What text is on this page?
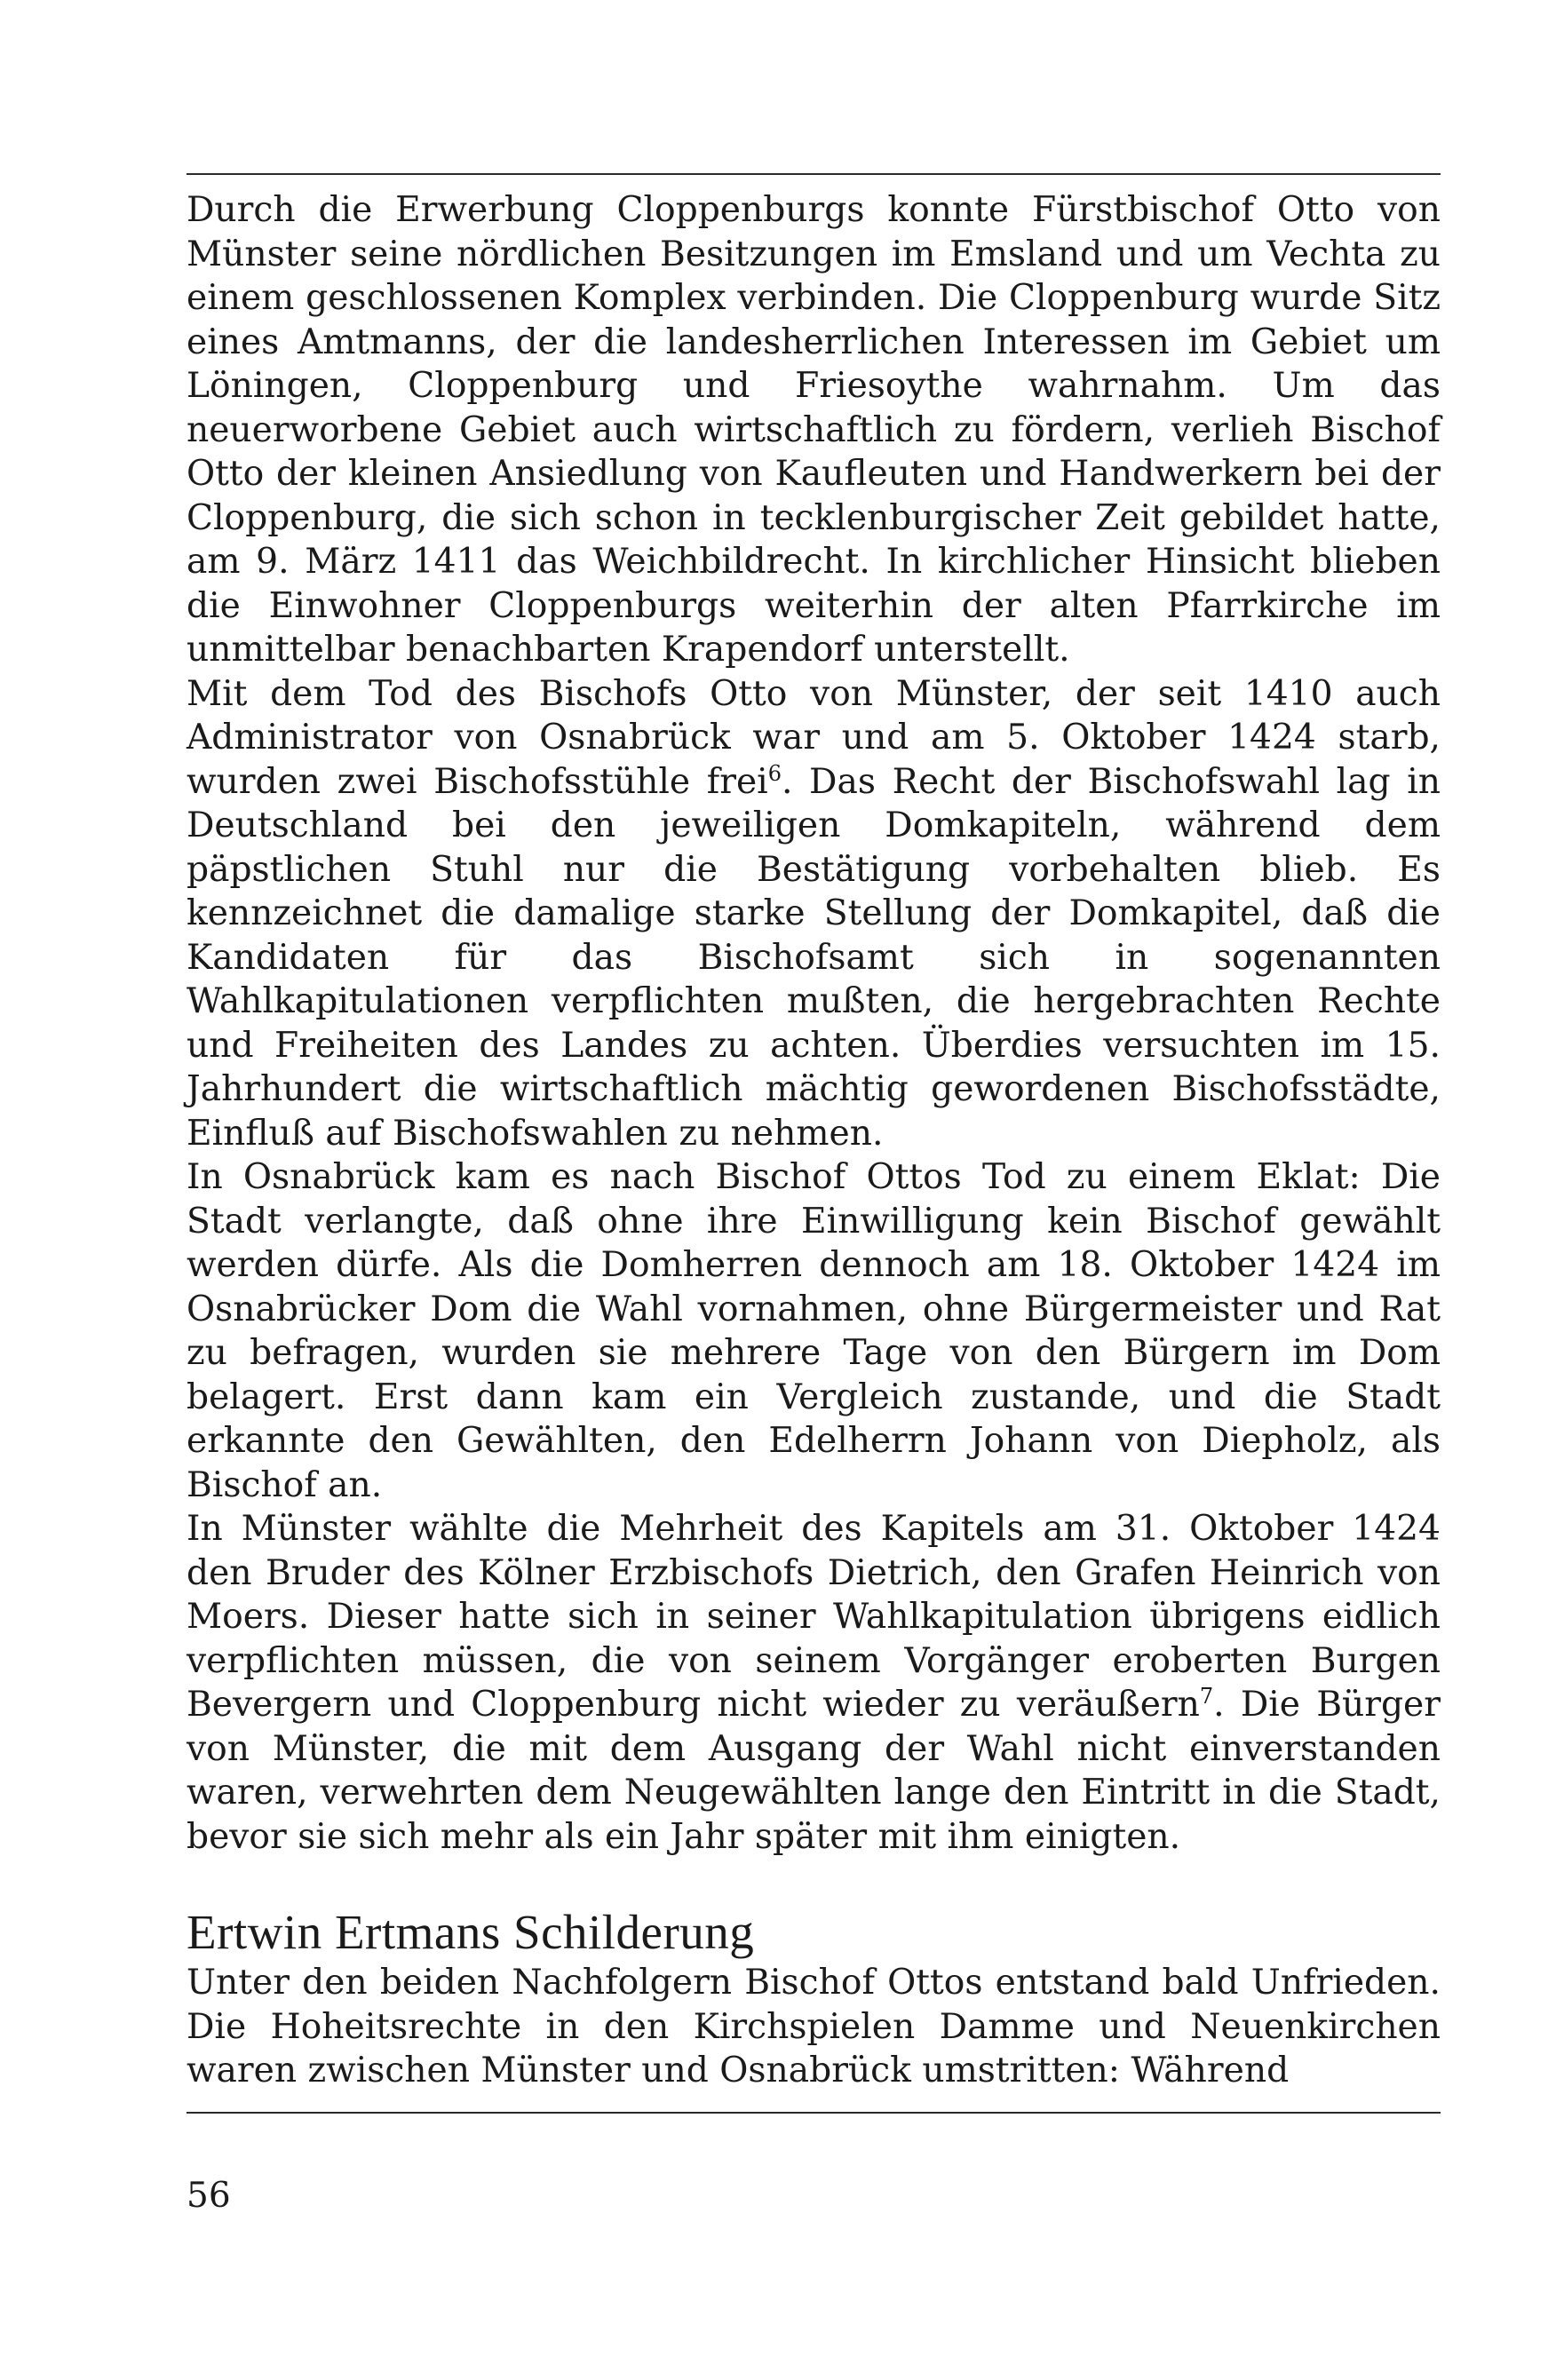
Durch die Erwerbung Cloppenburgs konnte Fürstbischof Otto von Münster seine nördlichen Besitzungen im Emsland und um Vechta zu einem geschlossenen Komplex verbinden. Die Cloppenburg wurde Sitz eines Amtmanns, der die landesherrlichen Interessen im Gebiet um Löningen, Cloppenburg und Friesoythe wahrnahm. Um das neuerworbene Gebiet auch wirtschaftlich zu fördern, verlieh Bischof Otto der kleinen Ansiedlung von Kaufleuten und Handwerkern bei der Cloppenburg, die sich schon in tecklenburgischer Zeit gebildet hatte, am 9. März 1411 das Weichbildrecht. In kirchlicher Hinsicht blieben die Einwohner Cloppenburgs weiterhin der alten Pfarrkirche im unmittelbar benachbarten Krapendorf unterstellt.

Mit dem Tod des Bischofs Otto von Münster, der seit 1410 auch Administrator von Osnabrück war und am 5. Oktober 1424 starb, wurden zwei Bischofsstühle frei$^6$. Das Recht der Bischofswahl lag in Deutschland bei den jeweiligen Domkapiteln, während dem päpstlichen Stuhl nur die Bestätigung vorbehalten blieb. Es kennzeichnet die damalige starke Stellung der Domkapitel, daß die Kandidaten für das Bischofsamt sich in sogenannten Wahlkapitulationen verpflichten mußten, die hergebrachten Rechte und Freiheiten des Landes zu achten. Überdies versuchten im 15. Jahrhundert die wirtschaftlich mächtig gewordenen Bischofsstädte, Einfluß auf Bischofswahlen zu nehmen.

In Osnabrück kam es nach Bischof Ottos Tod zu einem Eklat: Die Stadt verlangte, daß ohne ihre Einwilligung kein Bischof gewählt werden dürfe. Als die Domherren dennoch am 18. Oktober 1424 im Osnabrücker Dom die Wahl vornahmen, ohne Bürgermeister und Rat zu befragen, wurden sie mehrere Tage von den Bürgern im Dom belagert. Erst dann kam ein Vergleich zustande, und die Stadt erkannte den Gewählten, den Edelherrn Johann von Diepholz, als Bischof an.

In Münster wählte die Mehrheit des Kapitels am 31. Oktober 1424 den Bruder des Kölner Erzbischofs Dietrich, den Grafen Heinrich von Moers. Dieser hatte sich in seiner Wahlkapitulation übrigens eidlich verpflichten müssen, die von seinem Vorgänger eroberten Burgen Bevergern und Cloppenburg nicht wieder zu veräußern$^7$. Die Bürger von Münster, die mit dem Ausgang der Wahl nicht einverstanden waren, verwehrten dem Neugewählten lange den Eintritt in die Stadt, bevor sie sich mehr als ein Jahr später mit ihm einigten.

Ertwin Ertmans Schilderung

Unter den beiden Nachfolgern Bischof Ottos entstand bald Unfrieden. Die Hoheitsrechte in den Kirchspielen Damme und Neuenkirchen waren zwischen Münster und Osnabrück umstritten: Während

56
